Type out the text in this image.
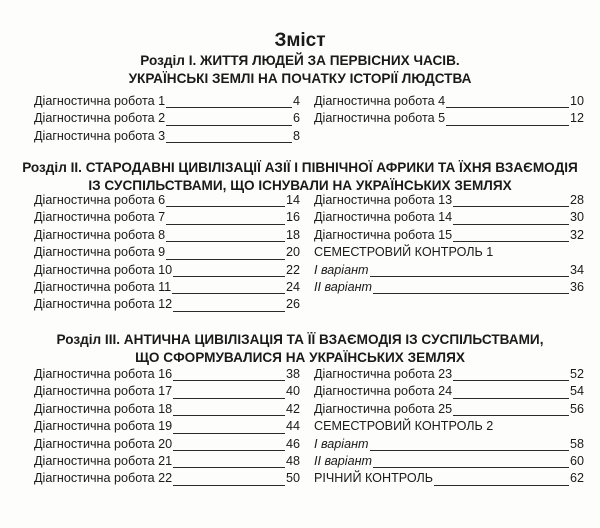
Зміст
Розділ І. ЖИТТЯ ЛЮДЕЙ ЗА ПЕРВІСНИХ ЧАСІВ.
УКРАЇНСЬКІ ЗЕМЛІ НА ПОЧАТКУ ІСТОРІЇ ЛЮДСТВА
Діагностична робота 1	4
Діагностична робота 2	6
Діагностична робота 3	8
Діагностична робота 4	10
Діагностична робота 5	12
Розділ ІІ. СТАРОДАВНІ ЦИВІЛІЗАЦІЇ АЗІЇ І ПІВНІЧНОЇ АФРИКИ ТА ЇХНЯ ВЗАЄМОДІЯ
ІЗ СУСПІЛЬСТВАМИ, ЩО ІСНУВАЛИ НА УКРАЇНСЬКИХ ЗЕМЛЯХ
Діагностична робота 6	14
Діагностична робота 7	16
Діагностична робота 8	18
Діагностична робота 9	20
Діагностична робота 10	22
Діагностична робота 11	24
Діагностична робота 12	26
Діагностична робота 13	28
Діагностична робота 14	30
Діагностична робота 15	32
СЕМЕСТРОВИЙ КОНТРОЛЬ 1
І варіант	34
ІІ варіант	36
Розділ ІІІ. АНТИЧНА ЦИВІЛІЗАЦІЯ ТА ЇЇ ВЗАЄМОДІЯ ІЗ СУСПІЛЬСТВАМИ,
ЩО СФОРМУВАЛИСЯ НА УКРАЇНСЬКИХ ЗЕМЛЯХ
Діагностична робота 16	38
Діагностична робота 17	40
Діагностична робота 18	42
Діагностична робота 19	44
Діагностична робота 20	46
Діагностична робота 21	48
Діагностична робота 22	50
Діагностична робота 23	52
Діагностична робота 24	54
Діагностична робота 25	56
СЕМЕСТРОВИЙ КОНТРОЛЬ 2
І варіант	58
ІІ варіант	60
РІЧНИЙ КОНТРОЛЬ	62
